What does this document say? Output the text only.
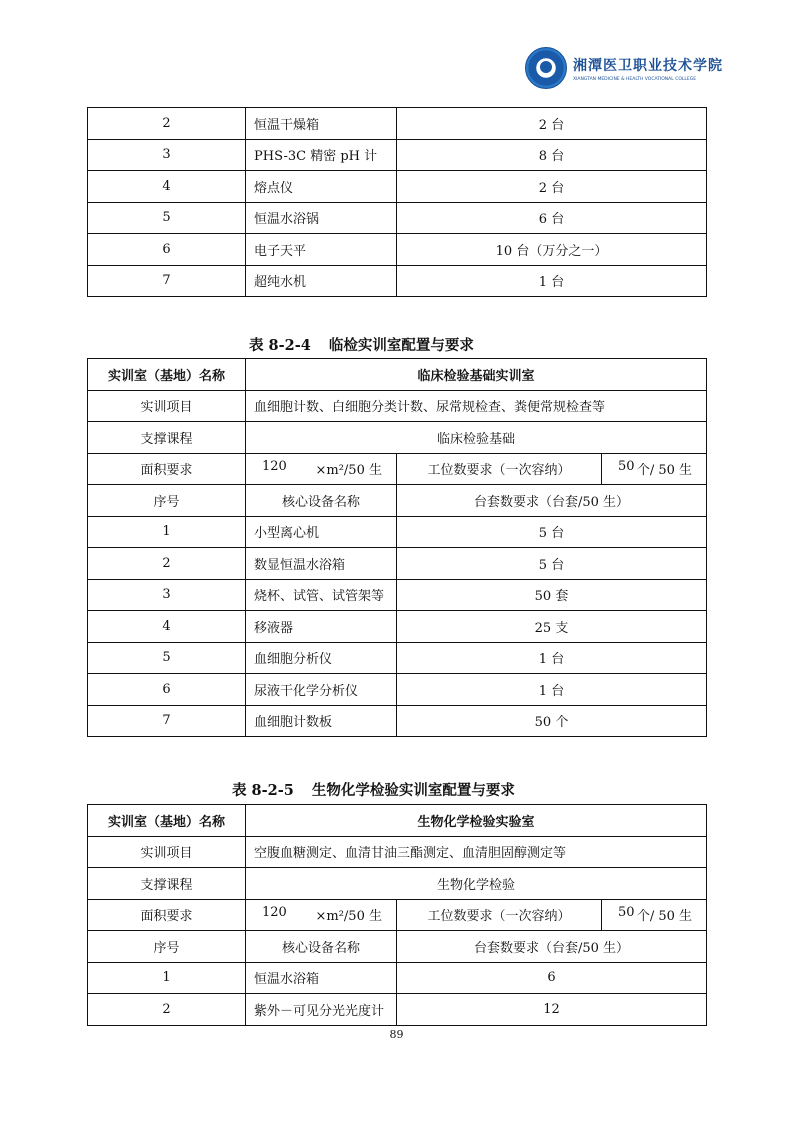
湘潭医卫职业技术学院
XIANGTAN MEDICINE & HEALTH VOCATIONAL COLLEGE
2	恒温干燥箱	2 台
3	PHS-3C 精密 pH 计	8 台
4	熔点仪	2 台
5	恒温水浴锅	6 台
6	电子天平	10 台（万分之一）
7	超纯水机	1 台
表 8-2-4 临检实训室配置与要求
实训室（基地）名称	临床检验基础实训室		
实训项目	血细胞计数、白细胞分类计数、尿常规检查、粪便常规检查等		
支撑课程	临床检验基础		
面积要求	120 ×m²/50 生	工位数要求（一次容纳）	50 个/ 50 生

序号	核心设备名称	台套数要求（台套/50 生）	
1	小型离心机	5 台	
2	数显恒温水浴箱	5 台	
3	烧杯、试管、试管架等	50 套	
4	移液器	25 支	
5	血细胞分析仪	1 台	
6	尿液干化学分析仪	1 台	
7	血细胞计数板	50 个	
表 8-2-5 生物化学检验实训室配置与要求
实训室（基地）名称	生物化学检验实验室		
实训项目	空腹血糖测定、血清甘油三酯测定、血清胆固醇测定等		
支撑课程	生物化学检验		
面积要求	120 ×m²/50 生	工位数要求（一次容纳）	50 个/ 50 生

序号	核心设备名称	台套数要求（台套/50 生）	
1	恒温水浴箱	6	
2	紫外－可见分光光度计	12	
89
